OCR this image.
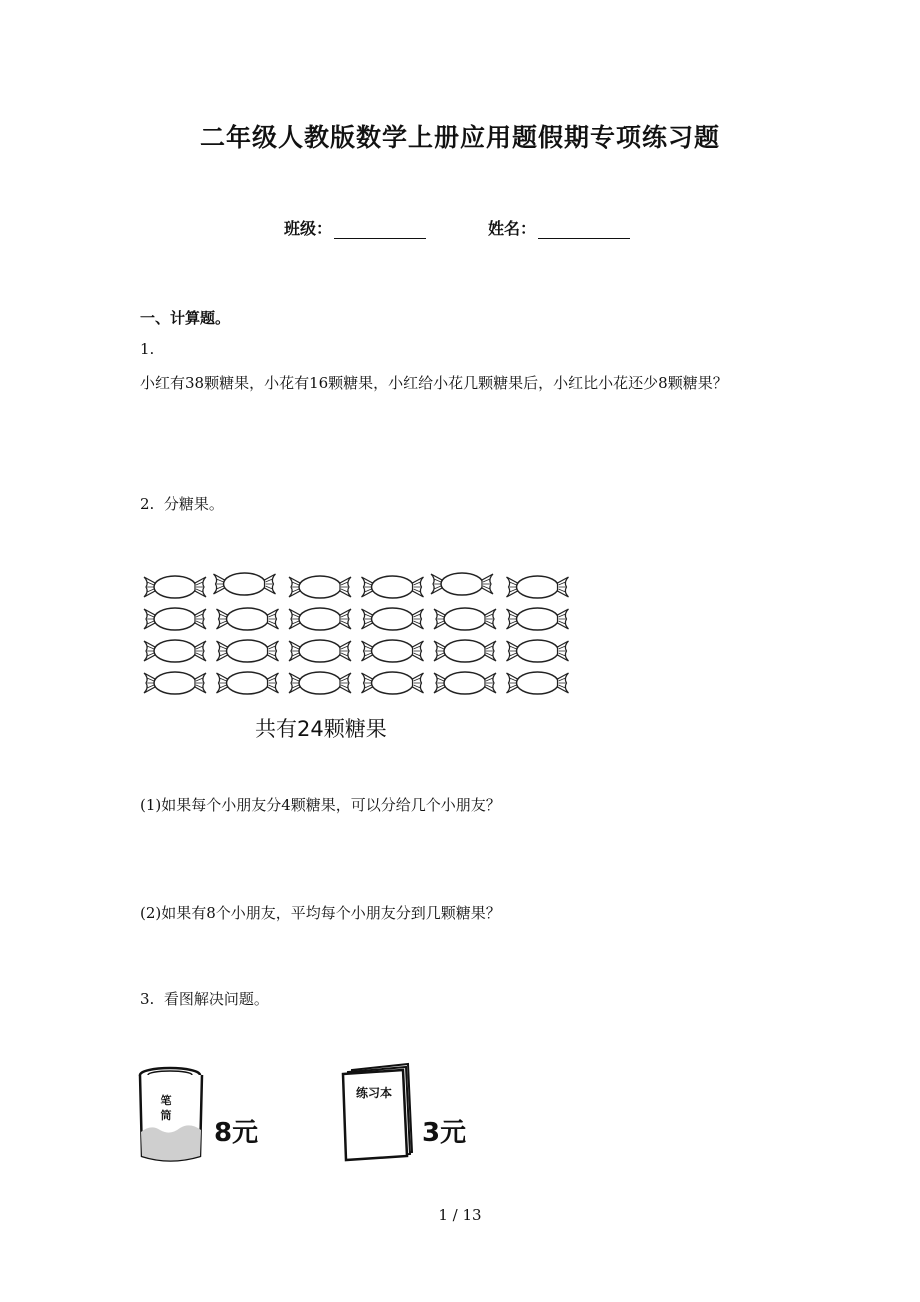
二年级人教版数学上册应用题假期专项练习题
班级：	姓名：
一、计算题。
1.
小红有38颗糖果，小花有16颗糖果，小红给小花几颗糖果后，小红比小花还少8颗糖果？
2. 分糖果。
共有24颗糖果
(1)如果每个小朋友分4颗糖果，可以分给几个小朋友？
(2)如果有8个小朋友，平均每个小朋友分到几颗糖果？
3. 看图解决问题。
笔
筒
8元
练习本
3元
1 / 13
